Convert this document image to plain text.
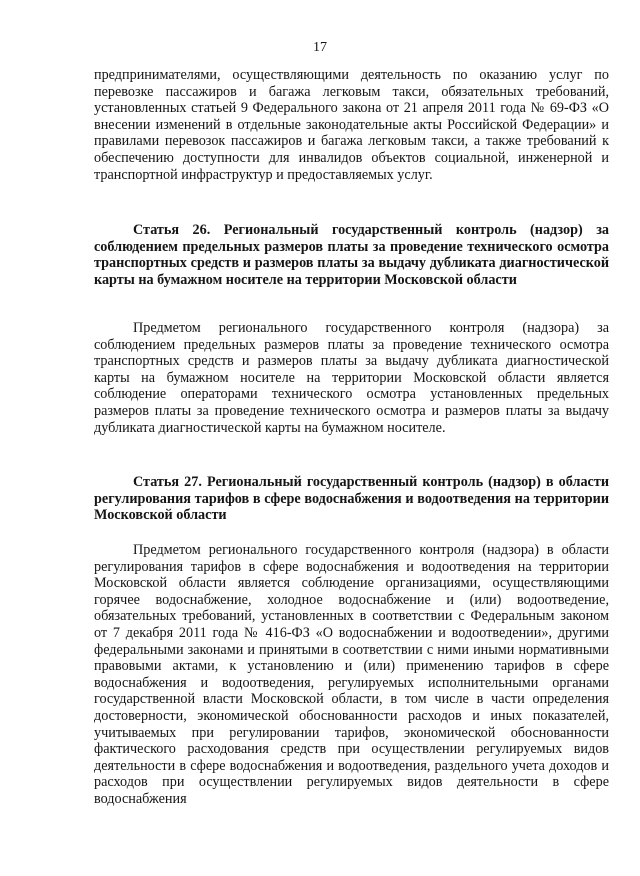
17

предпринимателями, осуществляющими деятельность по оказанию услуг по перевозке пассажиров и багажа легковым такси, обязательных требований, установленных статьей 9 Федерального закона от 21 апреля 2011 года № 69-ФЗ «О внесении изменений в отдельные законодательные акты Российской Федерации» и правилами перевозок пассажиров и багажа легковым такси, а также требований к обеспечению доступности для инвалидов объектов социальной, инженерной и транспортной инфраструктур и предоставляемых услуг.

Статья 26. Региональный государственный контроль (надзор) за соблюдением предельных размеров платы за проведение технического осмотра транспортных средств и размеров платы за выдачу дубликата диагностической карты на бумажном носителе на территории Московской области

Предметом регионального государственного контроля (надзора) за соблюдением предельных размеров платы за проведение технического осмотра транспортных средств и размеров платы за выдачу дубликата диагностической карты на бумажном носителе на территории Московской области является соблюдение операторами технического осмотра установленных предельных размеров платы за проведение технического осмотра и размеров платы за выдачу дубликата диагностической карты на бумажном носителе.

Статья 27. Региональный государственный контроль (надзор) в области регулирования тарифов в сфере водоснабжения и водоотведения на территории Московской области

Предметом регионального государственного контроля (надзора) в области регулирования тарифов в сфере водоснабжения и водоотведения на территории Московской области является соблюдение организациями, осуществляющими горячее водоснабжение, холодное водоснабжение и (или) водоотведение, обязательных требований, установленных в соответствии с Федеральным законом от 7 декабря 2011 года № 416-ФЗ «О водоснабжении и водоотведении», другими федеральными законами и принятыми в соответствии с ними иными нормативными правовыми актами, к установлению и (или) применению тарифов в сфере водоснабжения и водоотведения, регулируемых исполнительными органами государственной власти Московской области, в том числе в части определения достоверности, экономической обоснованности расходов и иных показателей, учитываемых при регулировании тарифов, экономической обоснованности фактического расходования средств при осуществлении регулируемых видов деятельности в сфере водоснабжения и водоотведения, раздельного учета доходов и расходов при осуществлении регулируемых видов деятельности в сфере водоснабжения
